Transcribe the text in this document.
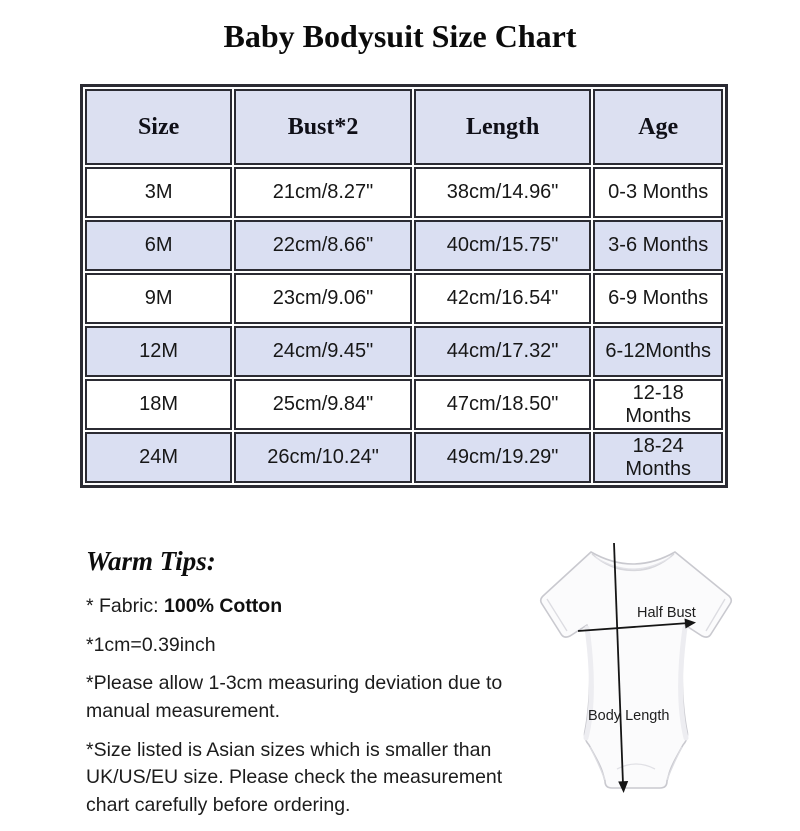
Baby Bodysuit Size Chart
Size	Bust*2	Length	Age
3M	21cm/8.27"	38cm/14.96"	0-3 Months
6M	22cm/8.66"	40cm/15.75"	3-6 Months
9M	23cm/9.06"	42cm/16.54"	6-9 Months
12M	24cm/9.45"	44cm/17.32"	6-12Months
18M	25cm/9.84"	47cm/18.50"	12-18 Months
24M	26cm/10.24"	49cm/19.29"	18-24 Months
Warm Tips:

* Fabric: 100% Cotton

*1cm=0.39inch

*Please allow 1-3cm measuring deviation due to manual measurement.

*Size listed is Asian sizes which is smaller than UK/US/EU size. Please check the measurement chart carefully before ordering.

Half Bust
Body Length
